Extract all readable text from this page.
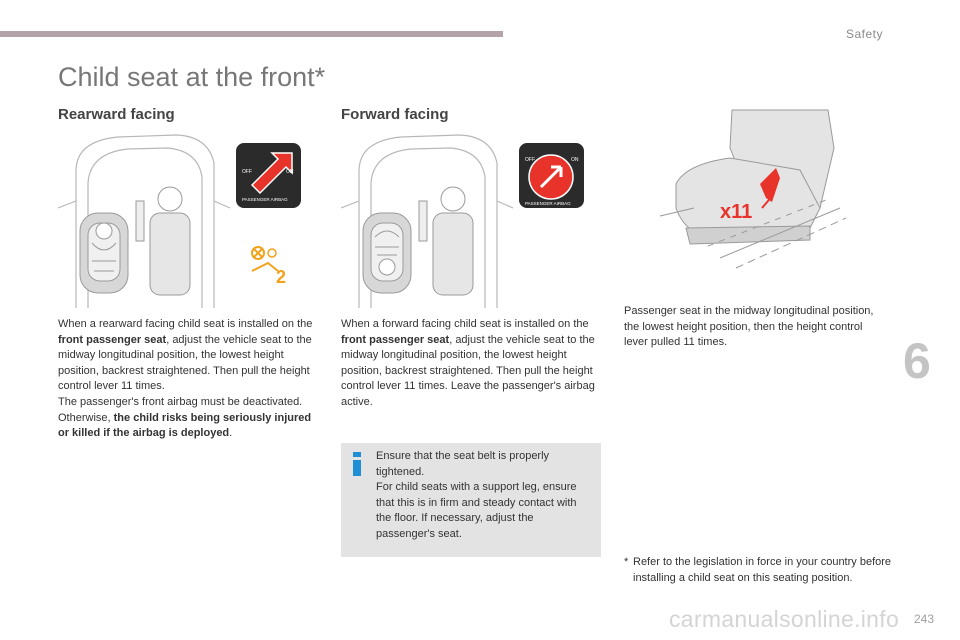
Safety
Child seat at the front*
Rearward facing
OFF	ON
PASSENGER AIRBAG
2

When a rearward facing child seat is installed on the front passenger seat, adjust the vehicle seat to the midway longitudinal position, the lowest height position, backrest straightened. Then pull the height control lever 11 times.
The passenger's front airbag must be deactivated. Otherwise, the child risks being seriously injured or killed if the airbag is deployed.

Forward facing
OFF	ON
PASSENGER AIRBAG

When a forward facing child seat is installed on the front passenger seat, adjust the vehicle seat to the midway longitudinal position, the lowest height position, backrest straightened. Then pull the height control lever 11 times. Leave the passenger's airbag active.

Ensure that the seat belt is properly tightened.
For child seats with a support leg, ensure that this is in firm and steady contact with the floor. If necessary, adjust the passenger's seat.

x11

Passenger seat in the midway longitudinal position, the lowest height position, then the height control lever pulled 11 times.

* Refer to the legislation in force in your country before installing a child seat on this seating position.
6
carmanualsonline.info 243
